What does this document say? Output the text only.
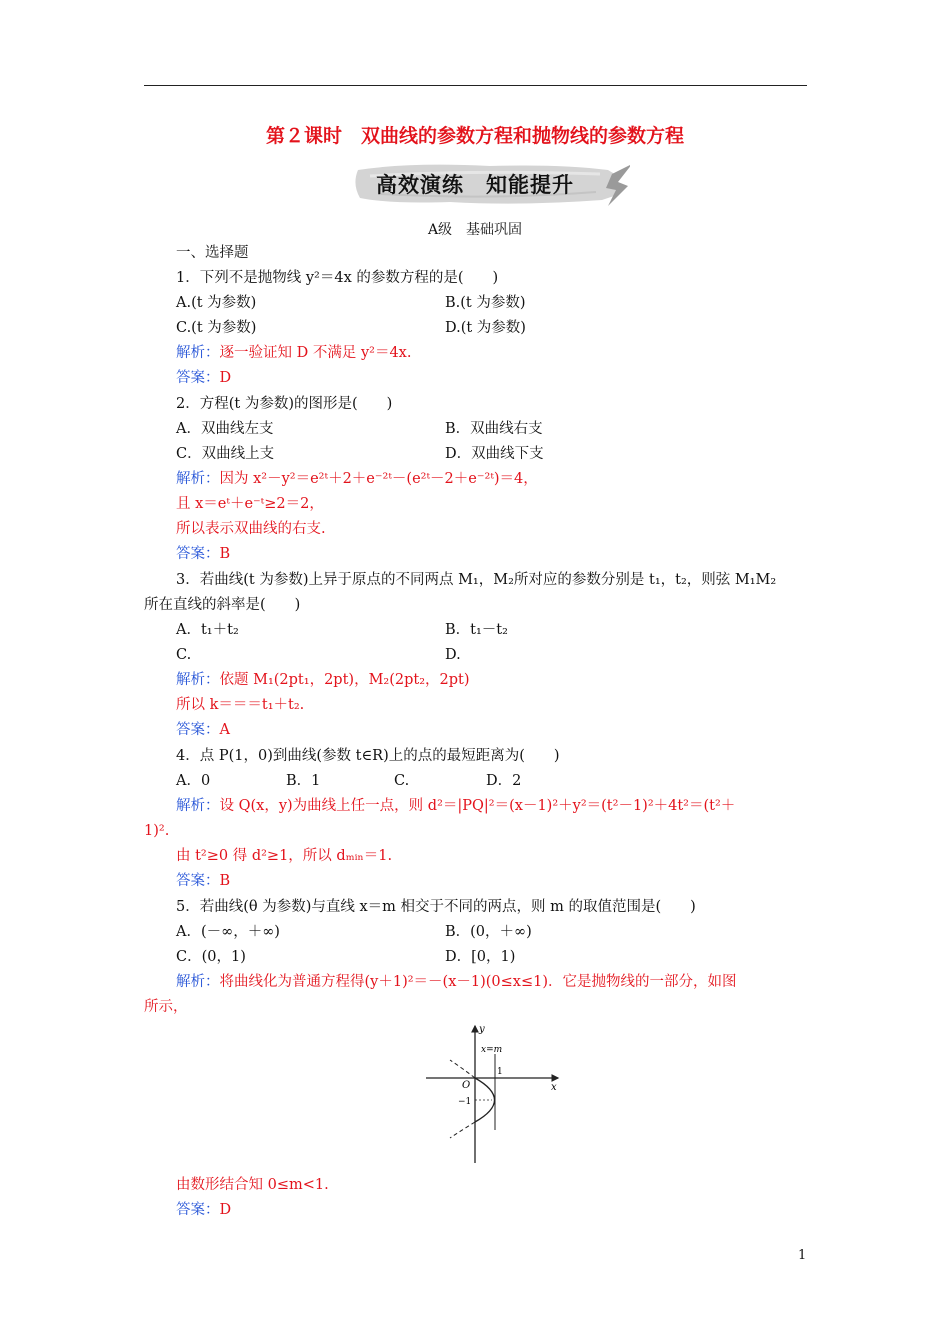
第２课时　双曲线的参数方程和抛物线的参数方程
高效演练　知能提升
A级　基础巩固
一、选择题
1．下列不是抛物线 y²＝4x 的参数方程的是(　　)
A.(t 为参数)	B.(t 为参数)
C.(t 为参数)	D.(t 为参数)
解析：逐一验证知 D 不满足 y²＝4x.
答案：D
2．方程(t 为参数)的图形是(　　)
A．双曲线左支	B．双曲线右支
C．双曲线上支	D．双曲线下支
解析：因为 x²－y²＝e²ᵗ＋2＋e⁻²ᵗ－(e²ᵗ－2＋e⁻²ᵗ)＝4，
且 x＝eᵗ＋e⁻ᵗ≥2＝2，
所以表示双曲线的右支.
答案：B
3．若曲线(t 为参数)上异于原点的不同两点 M₁，M₂所对应的参数分别是 t₁，t₂，则弦 M₁M₂
所在直线的斜率是(　　)
A．t₁＋t₂	B．t₁－t₂
C.	D.
解析：依题 M₁(2pt₁，2pt)，M₂(2pt₂，2pt)
所以 k＝＝＝t₁＋t₂.
答案：A
4．点 P(1，0)到曲线(参数 t∈R)上的点的最短距离为(　　)
A．0	B．1	C.	D．2
解析：设 Q(x，y)为曲线上任一点，则 d²＝|PQ|²＝(x－1)²＋y²＝(t²－1)²＋4t²＝(t²＋
1)².
由 t²≥0 得 d²≥1，所以 dₘᵢₙ＝1.
答案：B
5．若曲线(θ 为参数)与直线 x＝m 相交于不同的两点，则 m 的取值范围是(　　)
A．(－∞，＋∞)	B．(0，＋∞)
C．(0，1)	D．[0，1)
解析：将曲线化为普通方程得(y＋1)²＝－(x－1)(0≤x≤1)．它是抛物线的一部分，如图
所示，
y
x
x=m
O
1
−1
由数形结合知 0≤m<1.
答案：D
1
